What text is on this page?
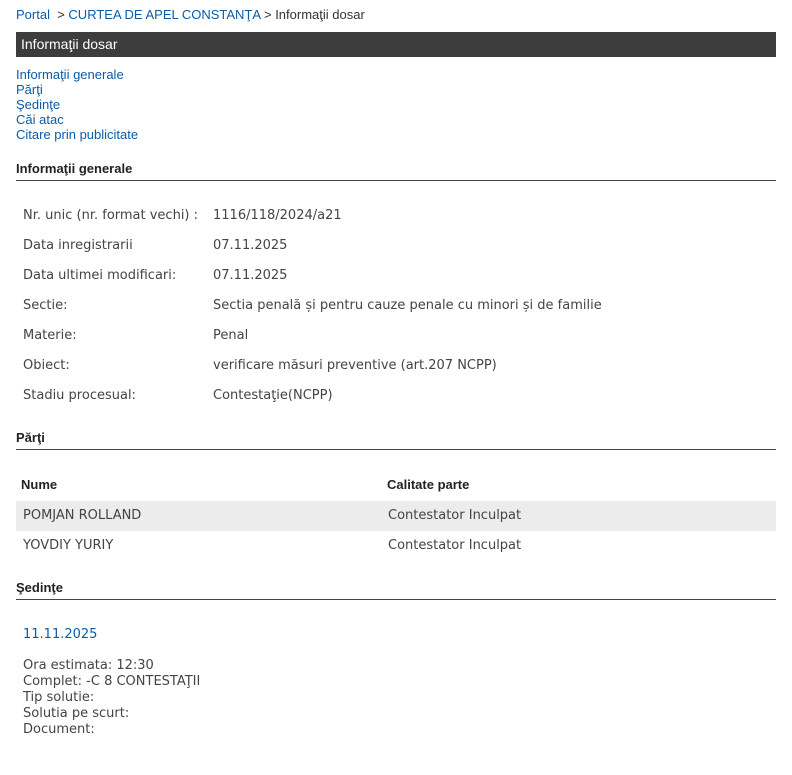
Portal > CURTEA DE APEL CONSTANŢA > Informaţii dosar
Informaţii dosar
Informaţii generale
Părţi
Şedinţe
Căi atac
Citare prin publicitate
Informaţii generale
Nr. unic (nr. format vechi) : 1116/118/2024/a21
Data inregistrarii	07.11.2025
Data ultimei modificari:	07.11.2025
Sectie:	Sectia penală și pentru cauze penale cu minori și de familie
Materie:	Penal
Obiect:	verificare măsuri preventive (art.207 NCPP)
Stadiu procesual:	Contestaţie(NCPP)
Părţi
Nume	Calitate parte
POMJAN ROLLAND	Contestator Inculpat
YOVDIY YURIY	Contestator Inculpat
Şedinţe
11.11.2025
Ora estimata: 12:30
Complet: -C 8 CONTESTAŢII
Tip solutie:
Solutia pe scurt:
Document:
